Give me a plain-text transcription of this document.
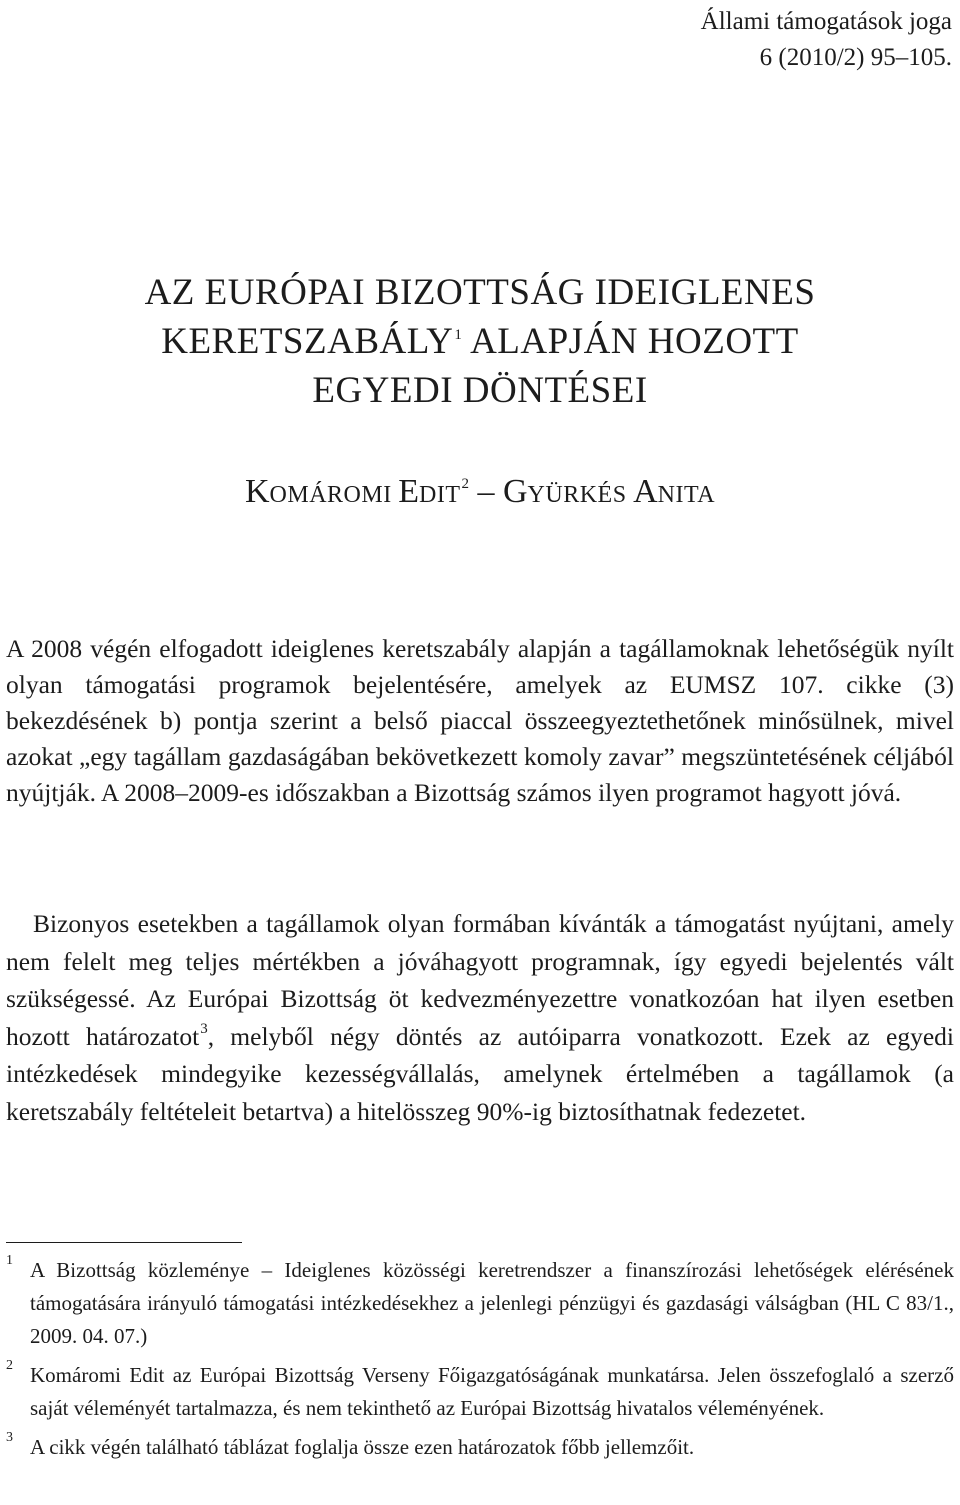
Állami támogatások joga
6 (2010/2) 95–105.
AZ EURÓPAI BIZOTTSÁG IDEIGLENES
KERETSZABÁLY$^1$ ALAPJÁN HOZOTT
EGYEDI DÖNTÉSEI
KOMÁROMI EDIT$^2$ – GYÜRKÉS ANITA
A 2008 végén elfogadott ideiglenes keretszabály alapján a tagállamoknak lehetőségük nyílt olyan támogatási programok bejelentésére, amelyek az EUMSZ 107. cikke (3) bekezdésének b) pontja szerint a belső piaccal összeegyeztethetőnek minősülnek, mivel azokat „egy tagállam gazdaságában bekövetkezett komoly zavar” megszüntetésének céljából nyújtják. A 2008–2009-es időszakban a Bizottság számos ilyen programot hagyott jóvá.

Bizonyos esetekben a tagállamok olyan formában kívánták a támogatást nyújtani, amely nem felelt meg teljes mértékben a jóváhagyott programnak, így egyedi bejelentés vált szükségessé. Az Európai Bizottság öt kedvezményezettre vonatkozóan hat ilyen esetben hozott határozatot$^3$, melyből négy döntés az autóiparra vonatkozott. Ezek az egyedi intézkedések mindegyike kezességvállalás, amelynek értelmében a tagállamok (a keretszabály feltételeit betartva) a hitelösszeg 90%-ig biztosíthatnak fedezetet.

1 A Bizottság közleménye – Ideiglenes közösségi keretrendszer a finanszírozási lehetőségek elérésének támogatására irányuló támogatási intézkedésekhez a jelenlegi pénzügyi és gazdasági válságban (HL C 83/1., 2009. 04. 07.)
2 Komáromi Edit az Európai Bizottság Verseny Főigazgatóságának munkatársa. Jelen összefoglaló a szerző saját véleményét tartalmazza, és nem tekinthető az Európai Bizottság hivatalos véleményének.
3 A cikk végén található táblázat foglalja össze ezen határozatok főbb jellemzőit.
